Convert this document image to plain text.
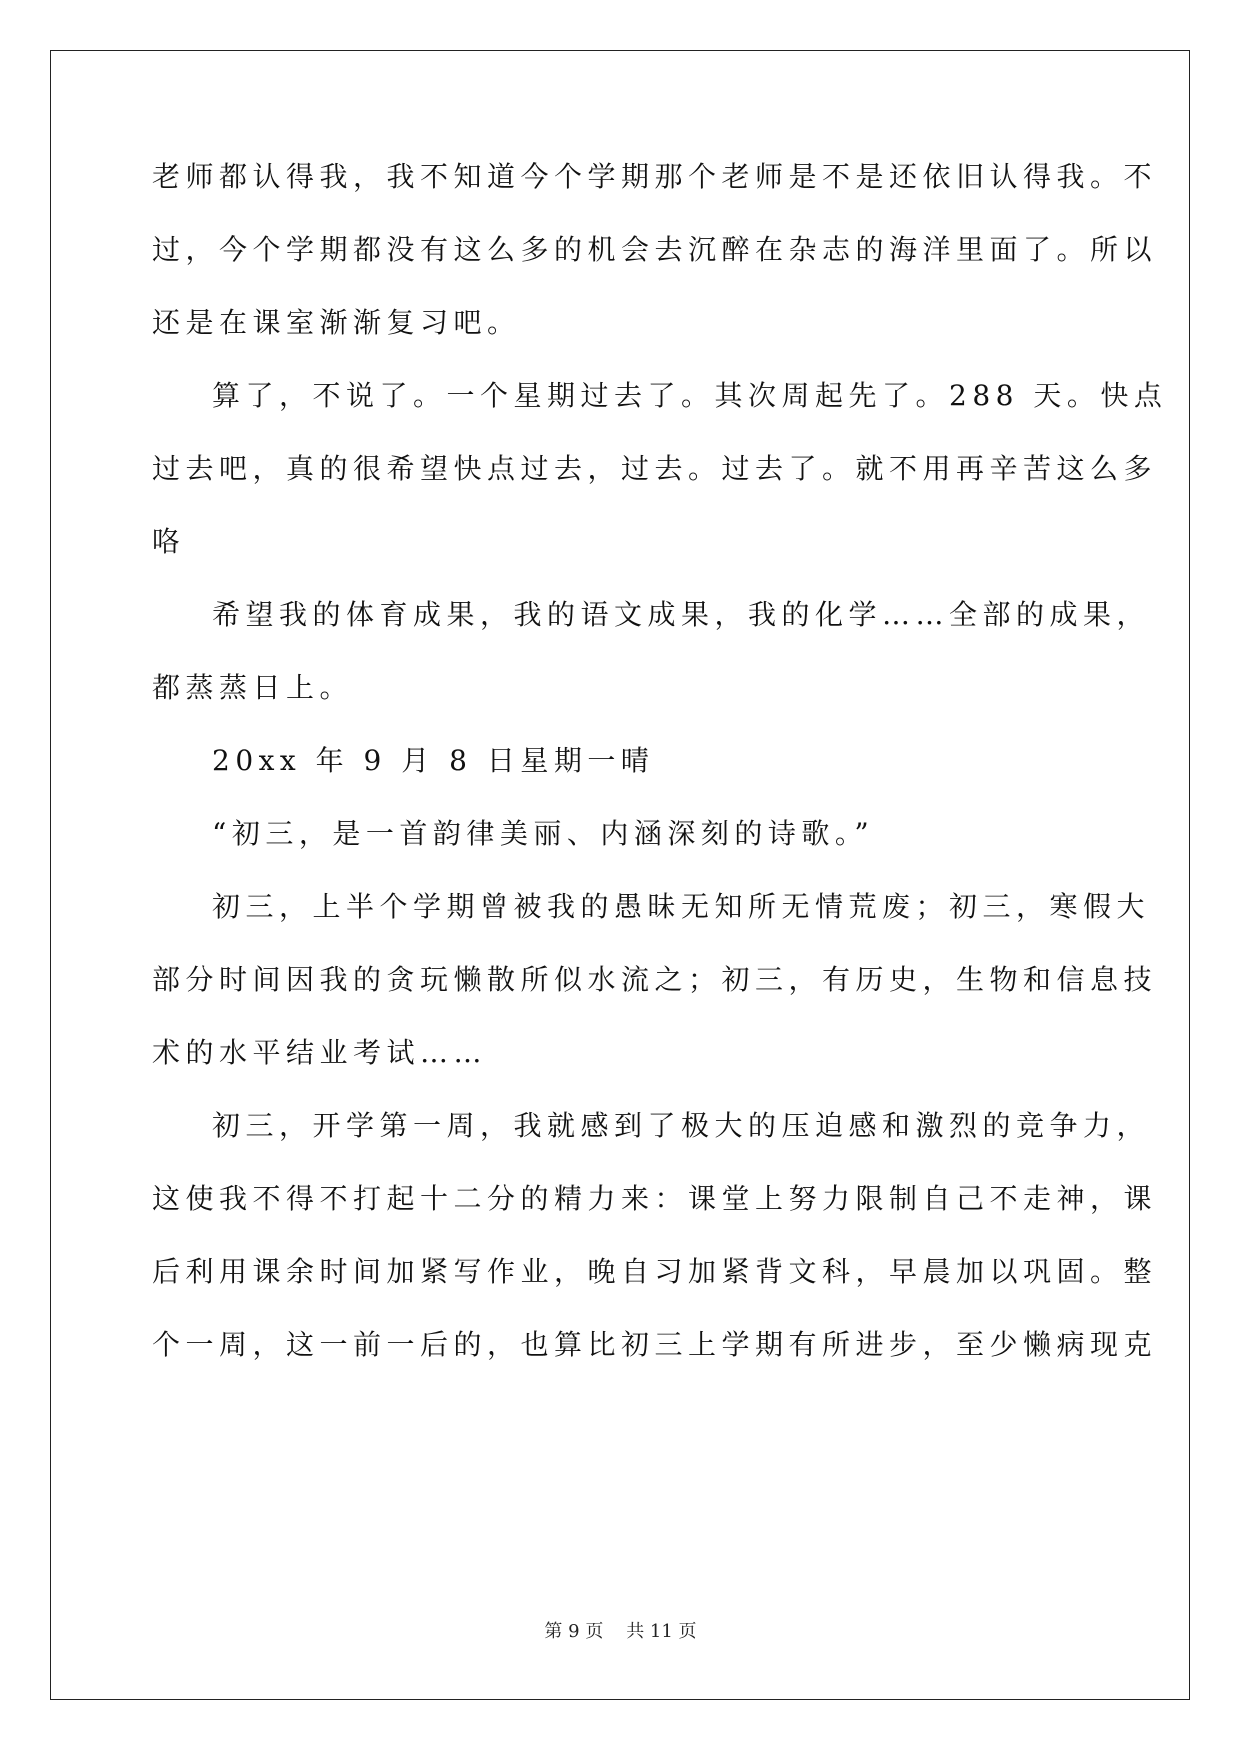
老师都认得我，我不知道今个学期那个老师是不是还依旧认得我。不
过，今个学期都没有这么多的机会去沉醉在杂志的海洋里面了。所以
还是在课室渐渐复习吧。
算了，不说了。一个星期过去了。其次周起先了。288 天。快点
过去吧，真的很希望快点过去，过去。过去了。就不用再辛苦这么多
咯
希望我的体育成果，我的语文成果，我的化学……全部的成果，
都蒸蒸日上。
20xx 年 9 月 8 日星期一晴
“初三，是一首韵律美丽、内涵深刻的诗歌。”
初三，上半个学期曾被我的愚昧无知所无情荒废；初三，寒假大
部分时间因我的贪玩懒散所似水流之；初三，有历史，生物和信息技
术的水平结业考试……
初三，开学第一周，我就感到了极大的压迫感和激烈的竞争力，
这使我不得不打起十二分的精力来：课堂上努力限制自己不走神，课
后利用课余时间加紧写作业，晚自习加紧背文科，早晨加以巩固。整
个一周，这一前一后的，也算比初三上学期有所进步，至少懒病现克
第 9 页    共 11 页
